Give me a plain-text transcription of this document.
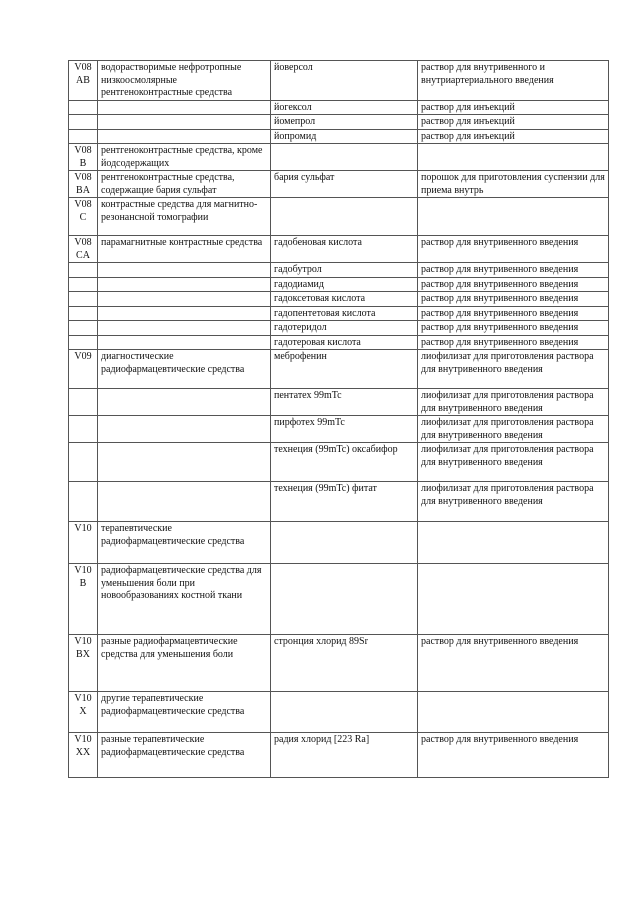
V08 AB	водорастворимые нефротропные низкоосмолярные рентгеноконтрастные средства	йоверсол	раствор для внутривенного и внутриартериального введения
		йогексол	раствор для инъекций
		йомепрол	раствор для инъекций
		йопромид	раствор для инъекций
V08 B	рентгеноконтрастные средства, кроме йодсодержащих		
V08 BA	рентгеноконтрастные средства, содержащие бария сульфат	бария сульфат	порошок для приготовления суспензии для приема внутрь
V08 C	контрастные средства для магнитно-резонансной томографии		
V08 CA	парамагнитные контрастные средства	гадобеновая кислота	раствор для внутривенного введения
		гадобутрол	раствор для внутривенного введения
		гадодиамид	раствор для внутривенного введения
		гадоксетовая кислота	раствор для внутривенного введения
		гадопентетовая кислота	раствор для внутривенного введения
		гадотеридол	раствор для внутривенного введения
		гадотеровая кислота	раствор для внутривенного введения
V09	диагностические радиофармацевтические средства	меброфенин	лиофилизат для приготовления раствора для внутривенного введения
		пентатех 99mTc	лиофилизат для приготовления раствора для внутривенного введения
		пирфотех 99mTc	лиофилизат для приготовления раствора для внутривенного введения
		технеция (99mTc) оксабифор	лиофилизат для приготовления раствора для внутривенного введения
		технеция (99mTc) фитат	лиофилизат для приготовления раствора для внутривенного введения
V10	терапевтические радиофармацевтические средства		
V10 B	радиофармацевтические средства для уменьшения боли при новообразованиях костной ткани		
V10 BX	разные радиофармацевтические средства для уменьшения боли	стронция хлорид 89Sr	раствор для внутривенного введения
V10 X	другие терапевтические радиофармацевтические средства		
V10 XX	разные терапевтические радиофармацевтические средства	радия хлорид [223 Ra]	раствор для внутривенного введения
